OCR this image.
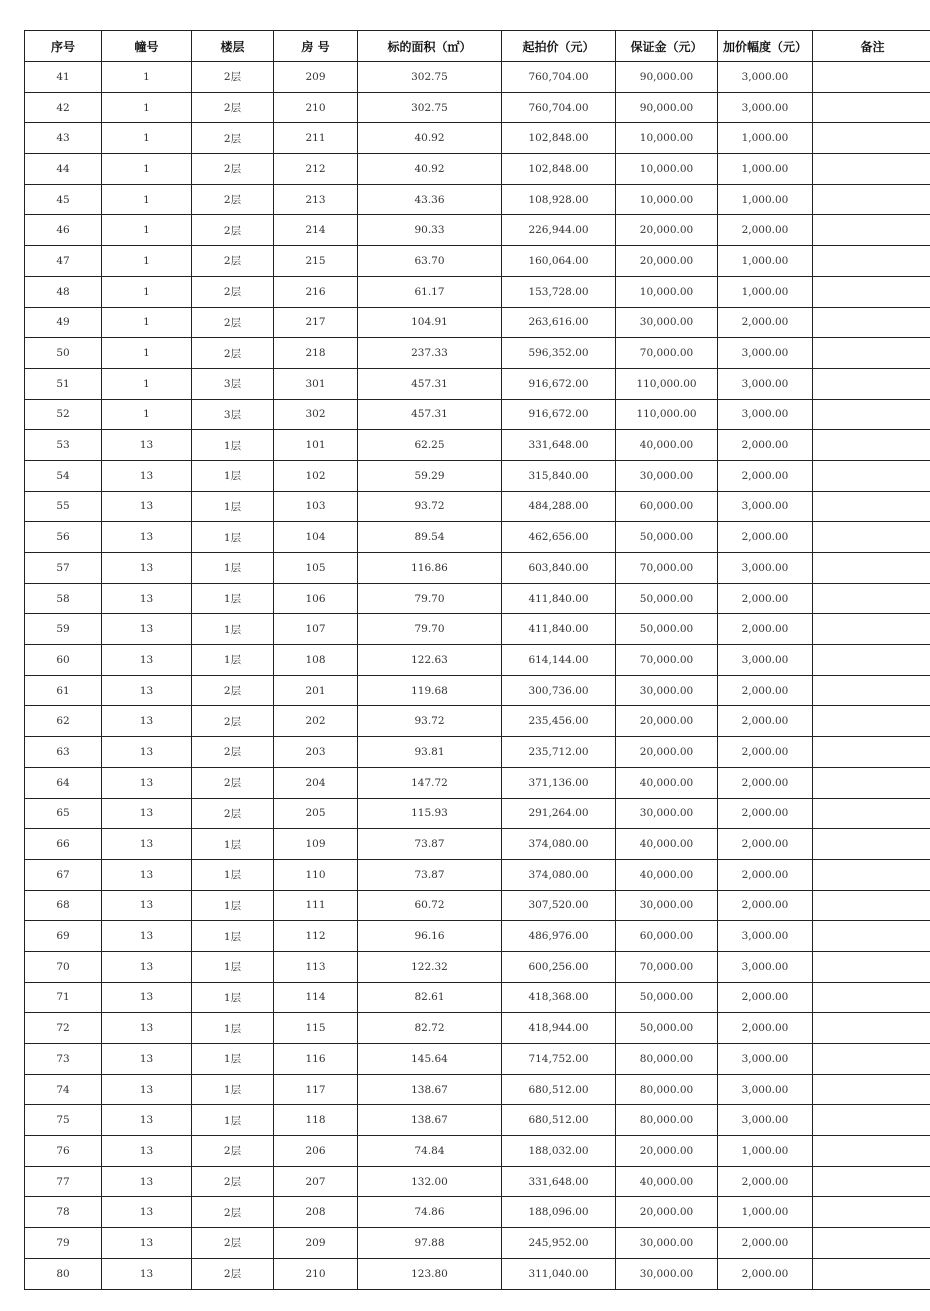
序号	幢号	楼层	房 号	标的面积（㎡）	起拍价（元）	保证金（元）	加价幅度（元）	备注
41	1	2层	209	302.75	760,704.00	90,000.00	3,000.00	
42	1	2层	210	302.75	760,704.00	90,000.00	3,000.00	
43	1	2层	211	40.92	102,848.00	10,000.00	1,000.00	
44	1	2层	212	40.92	102,848.00	10,000.00	1,000.00	
45	1	2层	213	43.36	108,928.00	10,000.00	1,000.00	
46	1	2层	214	90.33	226,944.00	20,000.00	2,000.00	
47	1	2层	215	63.70	160,064.00	20,000.00	1,000.00	
48	1	2层	216	61.17	153,728.00	10,000.00	1,000.00	
49	1	2层	217	104.91	263,616.00	30,000.00	2,000.00	
50	1	2层	218	237.33	596,352.00	70,000.00	3,000.00	
51	1	3层	301	457.31	916,672.00	110,000.00	3,000.00	
52	1	3层	302	457.31	916,672.00	110,000.00	3,000.00	
53	13	1层	101	62.25	331,648.00	40,000.00	2,000.00	
54	13	1层	102	59.29	315,840.00	30,000.00	2,000.00	
55	13	1层	103	93.72	484,288.00	60,000.00	3,000.00	
56	13	1层	104	89.54	462,656.00	50,000.00	2,000.00	
57	13	1层	105	116.86	603,840.00	70,000.00	3,000.00	
58	13	1层	106	79.70	411,840.00	50,000.00	2,000.00	
59	13	1层	107	79.70	411,840.00	50,000.00	2,000.00	
60	13	1层	108	122.63	614,144.00	70,000.00	3,000.00	
61	13	2层	201	119.68	300,736.00	30,000.00	2,000.00	
62	13	2层	202	93.72	235,456.00	20,000.00	2,000.00	
63	13	2层	203	93.81	235,712.00	20,000.00	2,000.00	
64	13	2层	204	147.72	371,136.00	40,000.00	2,000.00	
65	13	2层	205	115.93	291,264.00	30,000.00	2,000.00	
66	13	1层	109	73.87	374,080.00	40,000.00	2,000.00	
67	13	1层	110	73.87	374,080.00	40,000.00	2,000.00	
68	13	1层	111	60.72	307,520.00	30,000.00	2,000.00	
69	13	1层	112	96.16	486,976.00	60,000.00	3,000.00	
70	13	1层	113	122.32	600,256.00	70,000.00	3,000.00	
71	13	1层	114	82.61	418,368.00	50,000.00	2,000.00	
72	13	1层	115	82.72	418,944.00	50,000.00	2,000.00	
73	13	1层	116	145.64	714,752.00	80,000.00	3,000.00	
74	13	1层	117	138.67	680,512.00	80,000.00	3,000.00	
75	13	1层	118	138.67	680,512.00	80,000.00	3,000.00	
76	13	2层	206	74.84	188,032.00	20,000.00	1,000.00	
77	13	2层	207	132.00	331,648.00	40,000.00	2,000.00	
78	13	2层	208	74.86	188,096.00	20,000.00	1,000.00	
79	13	2层	209	97.88	245,952.00	30,000.00	2,000.00	
80	13	2层	210	123.80	311,040.00	30,000.00	2,000.00	
